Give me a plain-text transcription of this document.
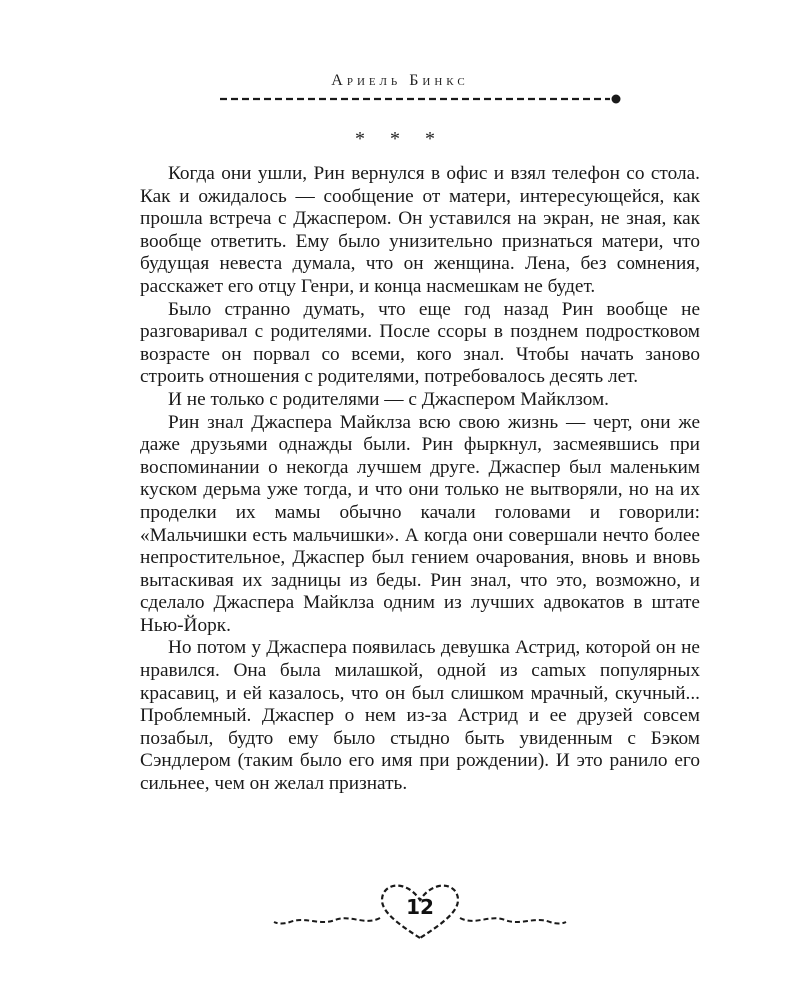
Ариель Бинкс
* * *

Когда они ушли, Рин вернулся в офис и взял телефон со стола. Как и ожидалось — сообщение от матери, интересующейся, как прошла встреча с Джаспером. Он уставился на экран, не зная, как вообще ответить. Ему было унизительно признаться матери, что будущая невеста думала, что он женщина. Лена, без сомнения, расскажет его отцу Генри, и конца насмешкам не будет.

Было странно думать, что еще год назад Рин вообще не разговаривал с родителями. После ссоры в позднем подростковом возрасте он порвал со всеми, кого знал. Чтобы начать заново строить отношения с родителями, потребовалось десять лет.

И не только с родителями — с Джаспером Майклзом.

Рин знал Джаспера Майклза всю свою жизнь — черт, они же даже друзьями однажды были. Рин фыркнул, засмеявшись при воспоминании о некогда лучшем друге. Джаспер был маленьким куском дерьма уже тогда, и что они только не вытворяли, но на их проделки их мамы обычно качали головами и говорили: «Мальчишки есть мальчишки». А когда они совершали нечто более непростительное, Джаспер был гением очарования, вновь и вновь вытаскивая их задницы из беды. Рин знал, что это, возможно, и сделало Джаспера Майклза одним из лучших адвокатов в штате Нью-Йорк.

Но потом у Джаспера появилась девушка Астрид, которой он не нравился. Она была милашкой, одной из саmых популярных красавиц, и ей казалось, что он был слишком мрачный, скучный... Проблемный. Джаспер о нем из-за Астрид и ее друзей совсем позабыл, будто ему было стыдно быть увиденным с Бэком Сэндлером (таким было его имя при рождении). И это ранило его сильнее, чем он желал признать.

12
